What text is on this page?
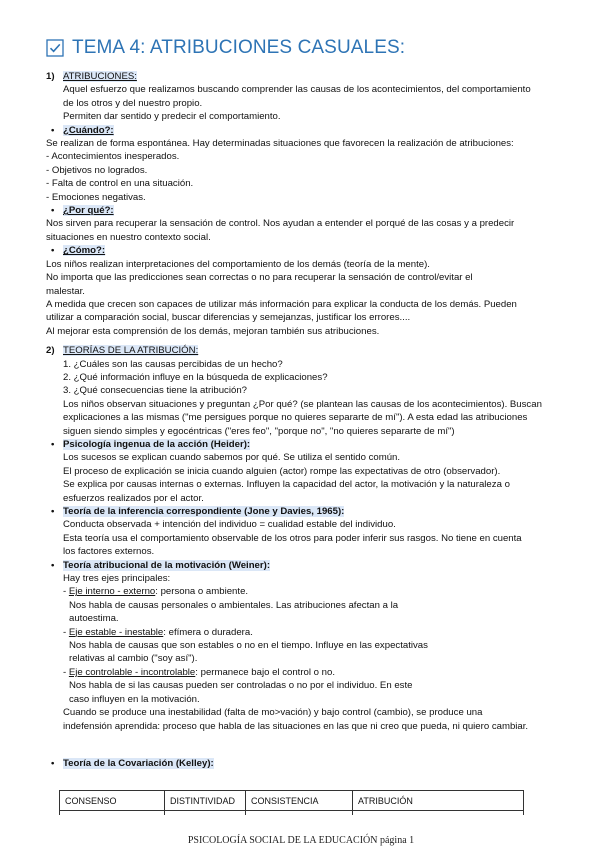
TEMA 4: ATRIBUCIONES CASUALES:
1) ATRIBUCIONES:
Aquel esfuerzo que realizamos buscando comprender las causas de los acontecimientos, del comportamiento
de los otros y del nuestro propio.
Permiten dar sentido y predecir el comportamiento.
• ¿Cuándo?:
Se realizan de forma espontánea. Hay determinadas situaciones que favorecen la realización de atribuciones:
- Acontecimientos inesperados.
- Objetivos no logrados.
- Falta de control en una situación.
- Emociones negativas.
• ¿Por qué?:
Nos sirven para recuperar la sensación de control. Nos ayudan a entender el porqué de las cosas y a predecir
situaciones en nuestro contexto social.
• ¿Cómo?:
Los niños realizan interpretaciones del comportamiento de los demás (teoría de la mente).
No importa que las predicciones sean correctas o no para recuperar la sensación de control/evitar el
malestar.
A medida que crecen son capaces de utilizar más información para explicar la conducta de los demás. Pueden
utilizar a comparación social, buscar diferencias y semejanzas, justificar los errores....
Al mejorar esta comprensión de los demás, mejoran también sus atribuciones.
2) TEORÍAS DE LA ATRIBUCIÓN:
1. ¿Cuáles son las causas percibidas de un hecho?
2. ¿Qué información influye en la búsqueda de explicaciones?
3. ¿Qué consecuencias tiene la atribución?
Los niños observan situaciones y preguntan ¿Por qué? (se plantean las causas de los acontecimientos). Buscan
explicaciones a las mismas ("me persigues porque no quieres separarte de mí"). A esta edad las atribuciones
siguen siendo simples y egocéntricas ("eres feo", "porque no", "no quieres separarte de mí")
• Psicología ingenua de la acción (Heider):
Los sucesos se explican cuando sabemos por qué. Se utiliza el sentido común.
El proceso de explicación se inicia cuando alguien (actor) rompe las expectativas de otro (observador).
Se explica por causas internas o externas. Influyen la capacidad del actor, la motivación y la naturaleza o
esfuerzos realizados por el actor.
• Teoría de la inferencia correspondiente (Jone y Davies, 1965):
Conducta observada + intención del individuo = cualidad estable del individuo.
Esta teoría usa el comportamiento observable de los otros para poder inferir sus rasgos. No tiene en cuenta
los factores externos.
• Teoría atribucional de la motivación (Weiner):
Hay tres ejes principales:
- Eje interno - externo: persona o ambiente.
Nos habla de causas personales o ambientales. Las atribuciones afectan a la
autoestima.
- Eje estable - inestable: efímera o duradera.
Nos habla de causas que son estables o no en el tiempo. Influye en las expectativas
relativas al cambio ("soy así").
- Eje controlable - incontrolable: permanece bajo el control o no.
Nos habla de si las causas pueden ser controladas o no por el individuo. En este
caso influyen en la motivación.
Cuando se produce una inestabilidad (falta de mo>vación) y bajo control (cambio), se produce una
indefensión aprendida: proceso que habla de las situaciones en las que ni creo que pueda, ni quiero cambiar.
• Teoría de la Covariación (Kelley):
CONSENSO	DISTINTIVIDAD	CONSISTENCIA	ATRIBUCIÓN

PSICOLOGÍA SOCIAL DE LA EDUCACIÓN página 1
